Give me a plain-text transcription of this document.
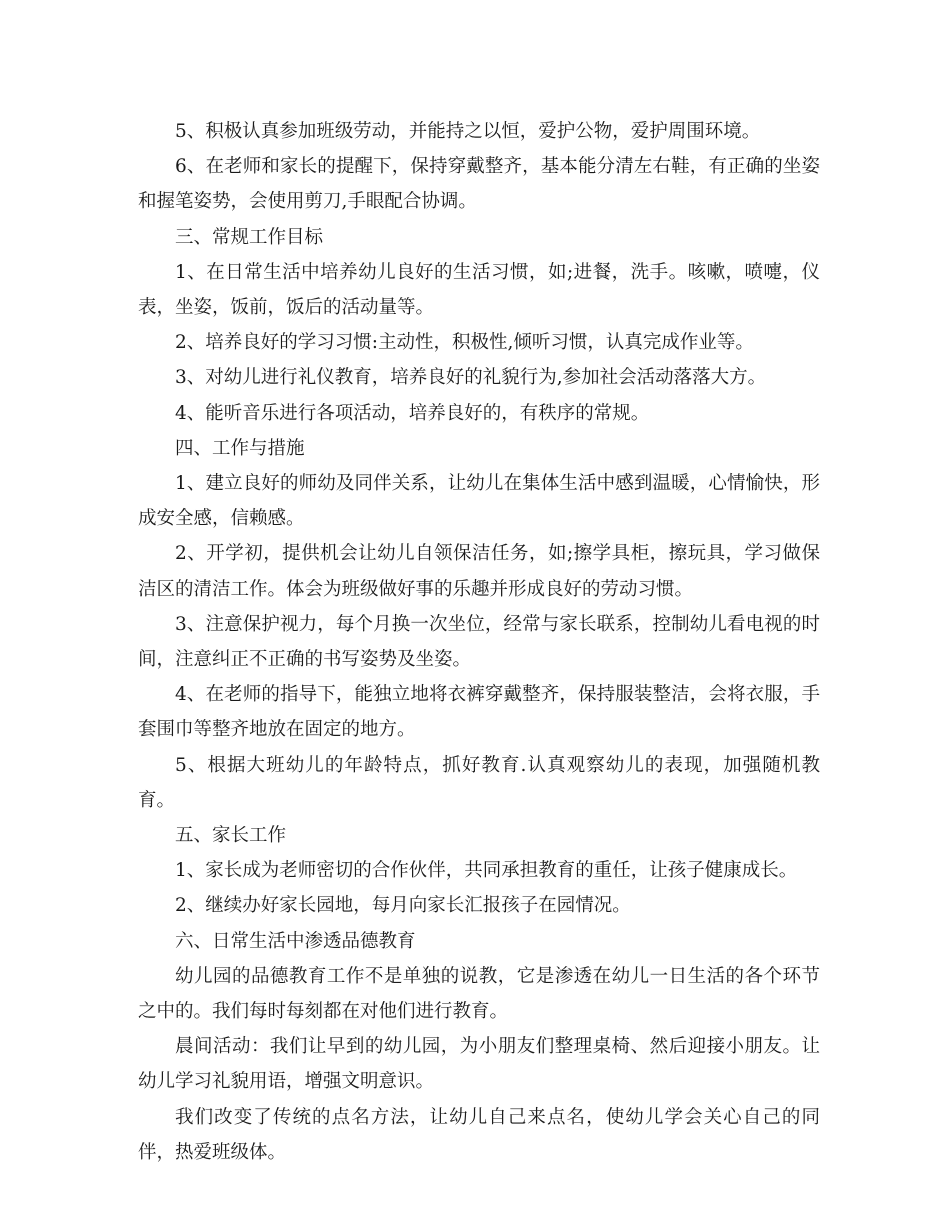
5、积极认真参加班级劳动，并能持之以恒，爱护公物，爱护周围环境。

6、在老师和家长的提醒下，保持穿戴整齐，基本能分清左右鞋，有正确的坐姿和握笔姿势，会使用剪刀,手眼配合协调。

三、常规工作目标

1、在日常生活中培养幼儿良好的生活习惯，如;进餐，洗手。咳嗽，喷嚏，仪表，坐姿，饭前，饭后的活动量等。

2、培养良好的学习习惯:主动性，积极性,倾听习惯，认真完成作业等。

3、对幼儿进行礼仪教育，培养良好的礼貌行为,参加社会活动落落大方。

4、能听音乐进行各项活动，培养良好的，有秩序的常规。

四、工作与措施

1、建立良好的师幼及同伴关系，让幼儿在集体生活中感到温暖，心情愉快，形成安全感，信赖感。

2、开学初，提供机会让幼儿自领保洁任务，如;擦学具柜，擦玩具，学习做保洁区的清洁工作。体会为班级做好事的乐趣并形成良好的劳动习惯。

3、注意保护视力，每个月换一次坐位，经常与家长联系，控制幼儿看电视的时间，注意纠正不正确的书写姿势及坐姿。

4、在老师的指导下，能独立地将衣裤穿戴整齐，保持服装整洁，会将衣服，手套围巾等整齐地放在固定的地方。

5、根据大班幼儿的年龄特点，抓好教育.认真观察幼儿的表现，加强随机教育。

五、家长工作

1、家长成为老师密切的合作伙伴，共同承担教育的重任，让孩子健康成长。

2、继续办好家长园地，每月向家长汇报孩子在园情况。

六、日常生活中渗透品德教育

幼儿园的品德教育工作不是单独的说教，它是渗透在幼儿一日生活的各个环节之中的。我们每时每刻都在对他们进行教育。

晨间活动：我们让早到的幼儿园，为小朋友们整理桌椅、然后迎接小朋友。让幼儿学习礼貌用语，增强文明意识。

我们改变了传统的点名方法，让幼儿自己来点名，使幼儿学会关心自己的同伴，热爱班级体。
